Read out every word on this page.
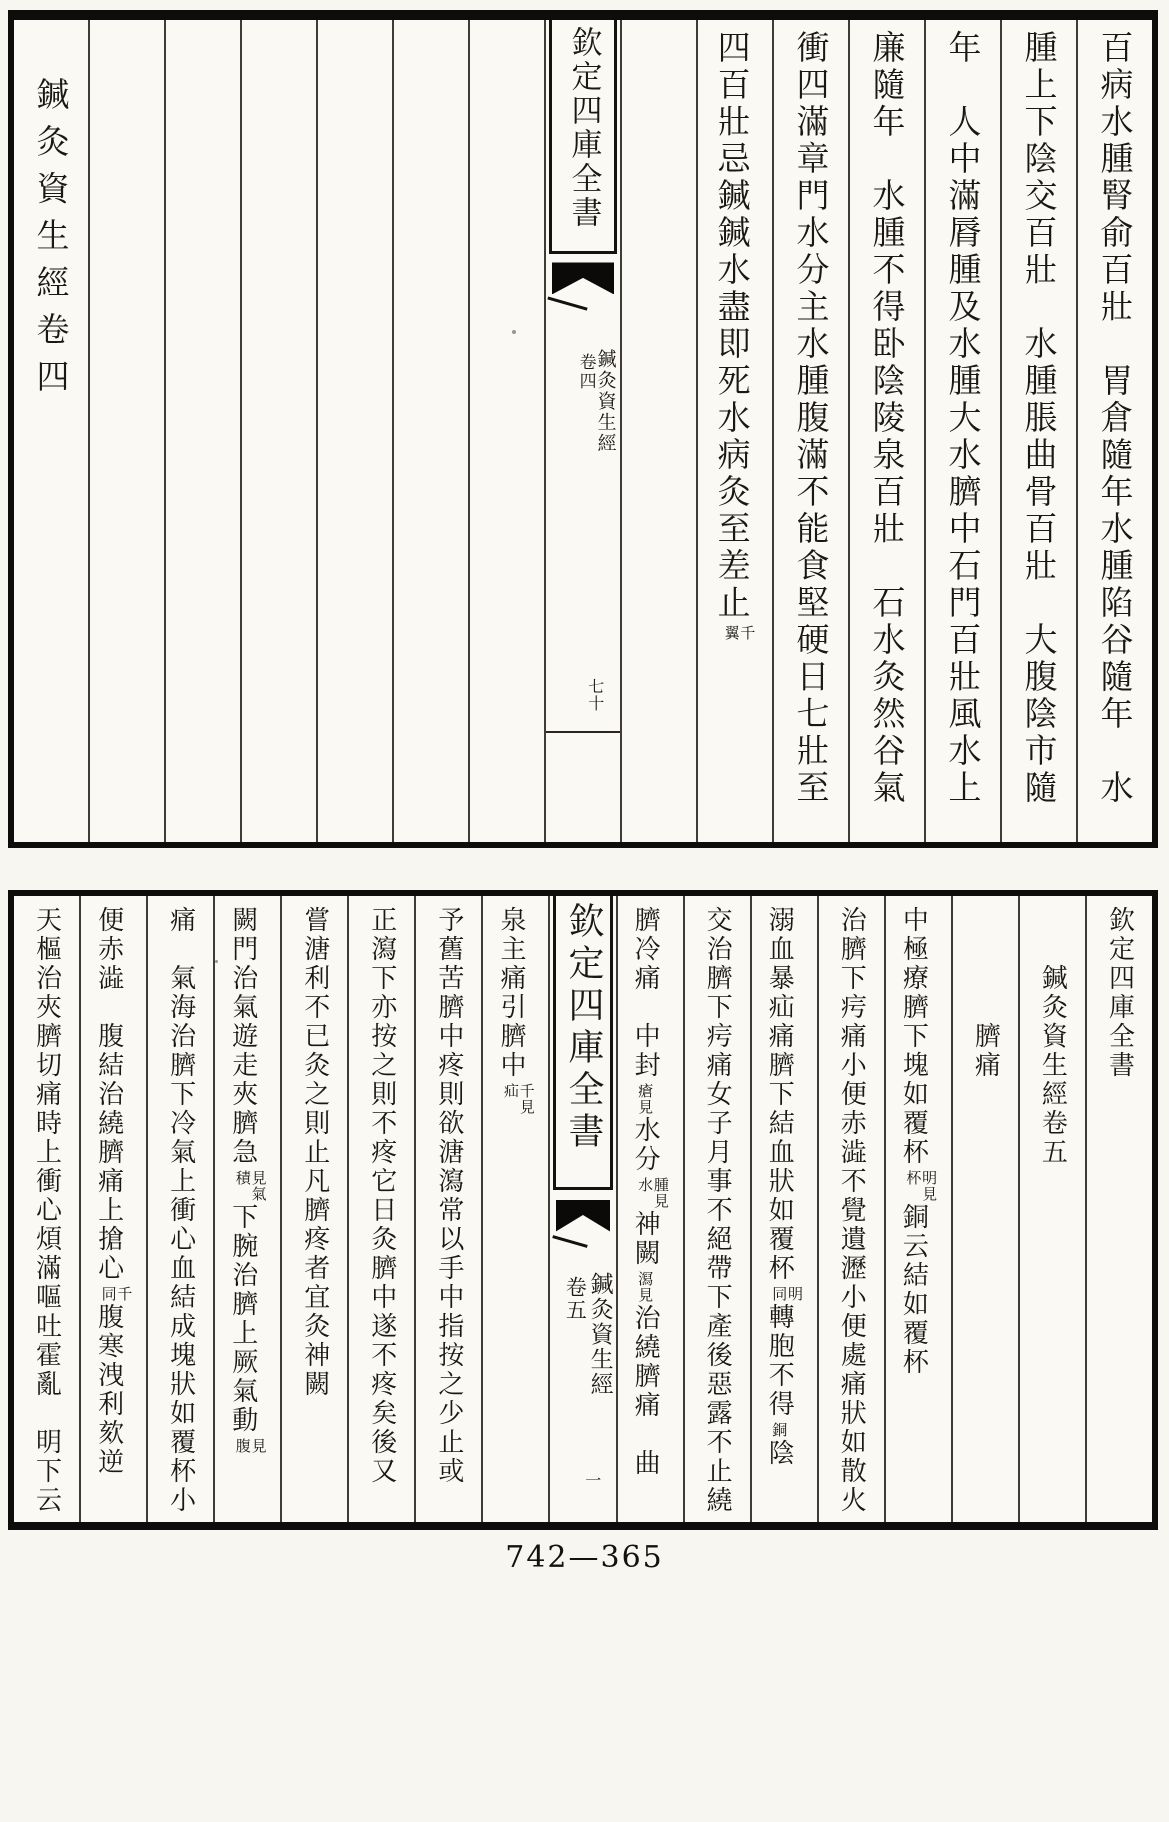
百病水腫腎俞百壯　胃倉隨年水腫陷谷隨年　水
腫上下陰交百壯　水腫脹曲骨百壯　大腹陰市隨
年　人中滿脣腫及水腫大水臍中石門百壯風水上
廉隨年　水腫不得卧陰陵泉百壯　石水灸然谷氣
衝四滿章門水分主水腫腹滿不能食堅硬日七壯至
四百壯忌鍼鍼水盡即死水病灸至差止
千
翼
欽定四庫全書
鍼灸資生經
卷四
七十
　鍼灸資生經卷四
欽定四庫全書
　　鍼灸資生經卷五
　　　　臍痛
中極療臍下塊如覆杯
明見
杯
銅云結如覆杯
治臍下疞痛小便赤澁不覺遺瀝小便處痛狀如散火
溺血暴疝痛臍下結血狀如覆杯
明
同
轉胞不得
銅
陰
交治臍下疞痛女子月事不絕帶下產後惡露不止繞
臍冷痛　中封
瘡見
水分
腫見
水
神闕
㵼見
治繞臍痛　曲
欽定四庫全書
鍼灸資生經
卷五
一
泉主痛引臍中
千見
疝
予舊苦臍中疼則欲溏瀉常以手中指按之少止或
正瀉下亦按之則不疼它日灸臍中遂不疼矣後又
嘗溏利不已灸之則止凡臍疼者宜灸神闕
闕門治氣遊走夾臍急
見氣
積
下腕治臍上厥氣動
見
腹
痛　氣海治臍下冷氣上衝心血結成塊狀如覆杯小
便赤澁　腹結治繞臍痛上搶心
千
同
腹寒洩利欬逆
天樞治夾臍切痛時上衝心煩滿嘔吐霍亂　明下云
742—365
